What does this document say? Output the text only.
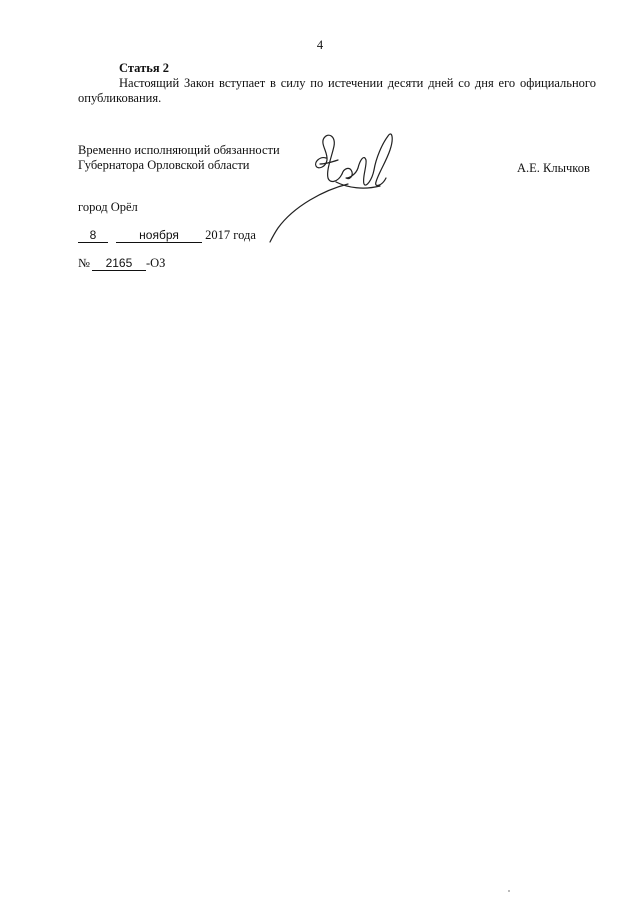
4
Статья 2
Настоящий Закон вступает в силу по истечении десяти дней со дня его официального опубликования.
Временно исполняющий обязанности
Губернатора Орловской области	А.Е. Клычков
город Орёл
8	ноября 2017 года
№ 2165 -ОЗ
